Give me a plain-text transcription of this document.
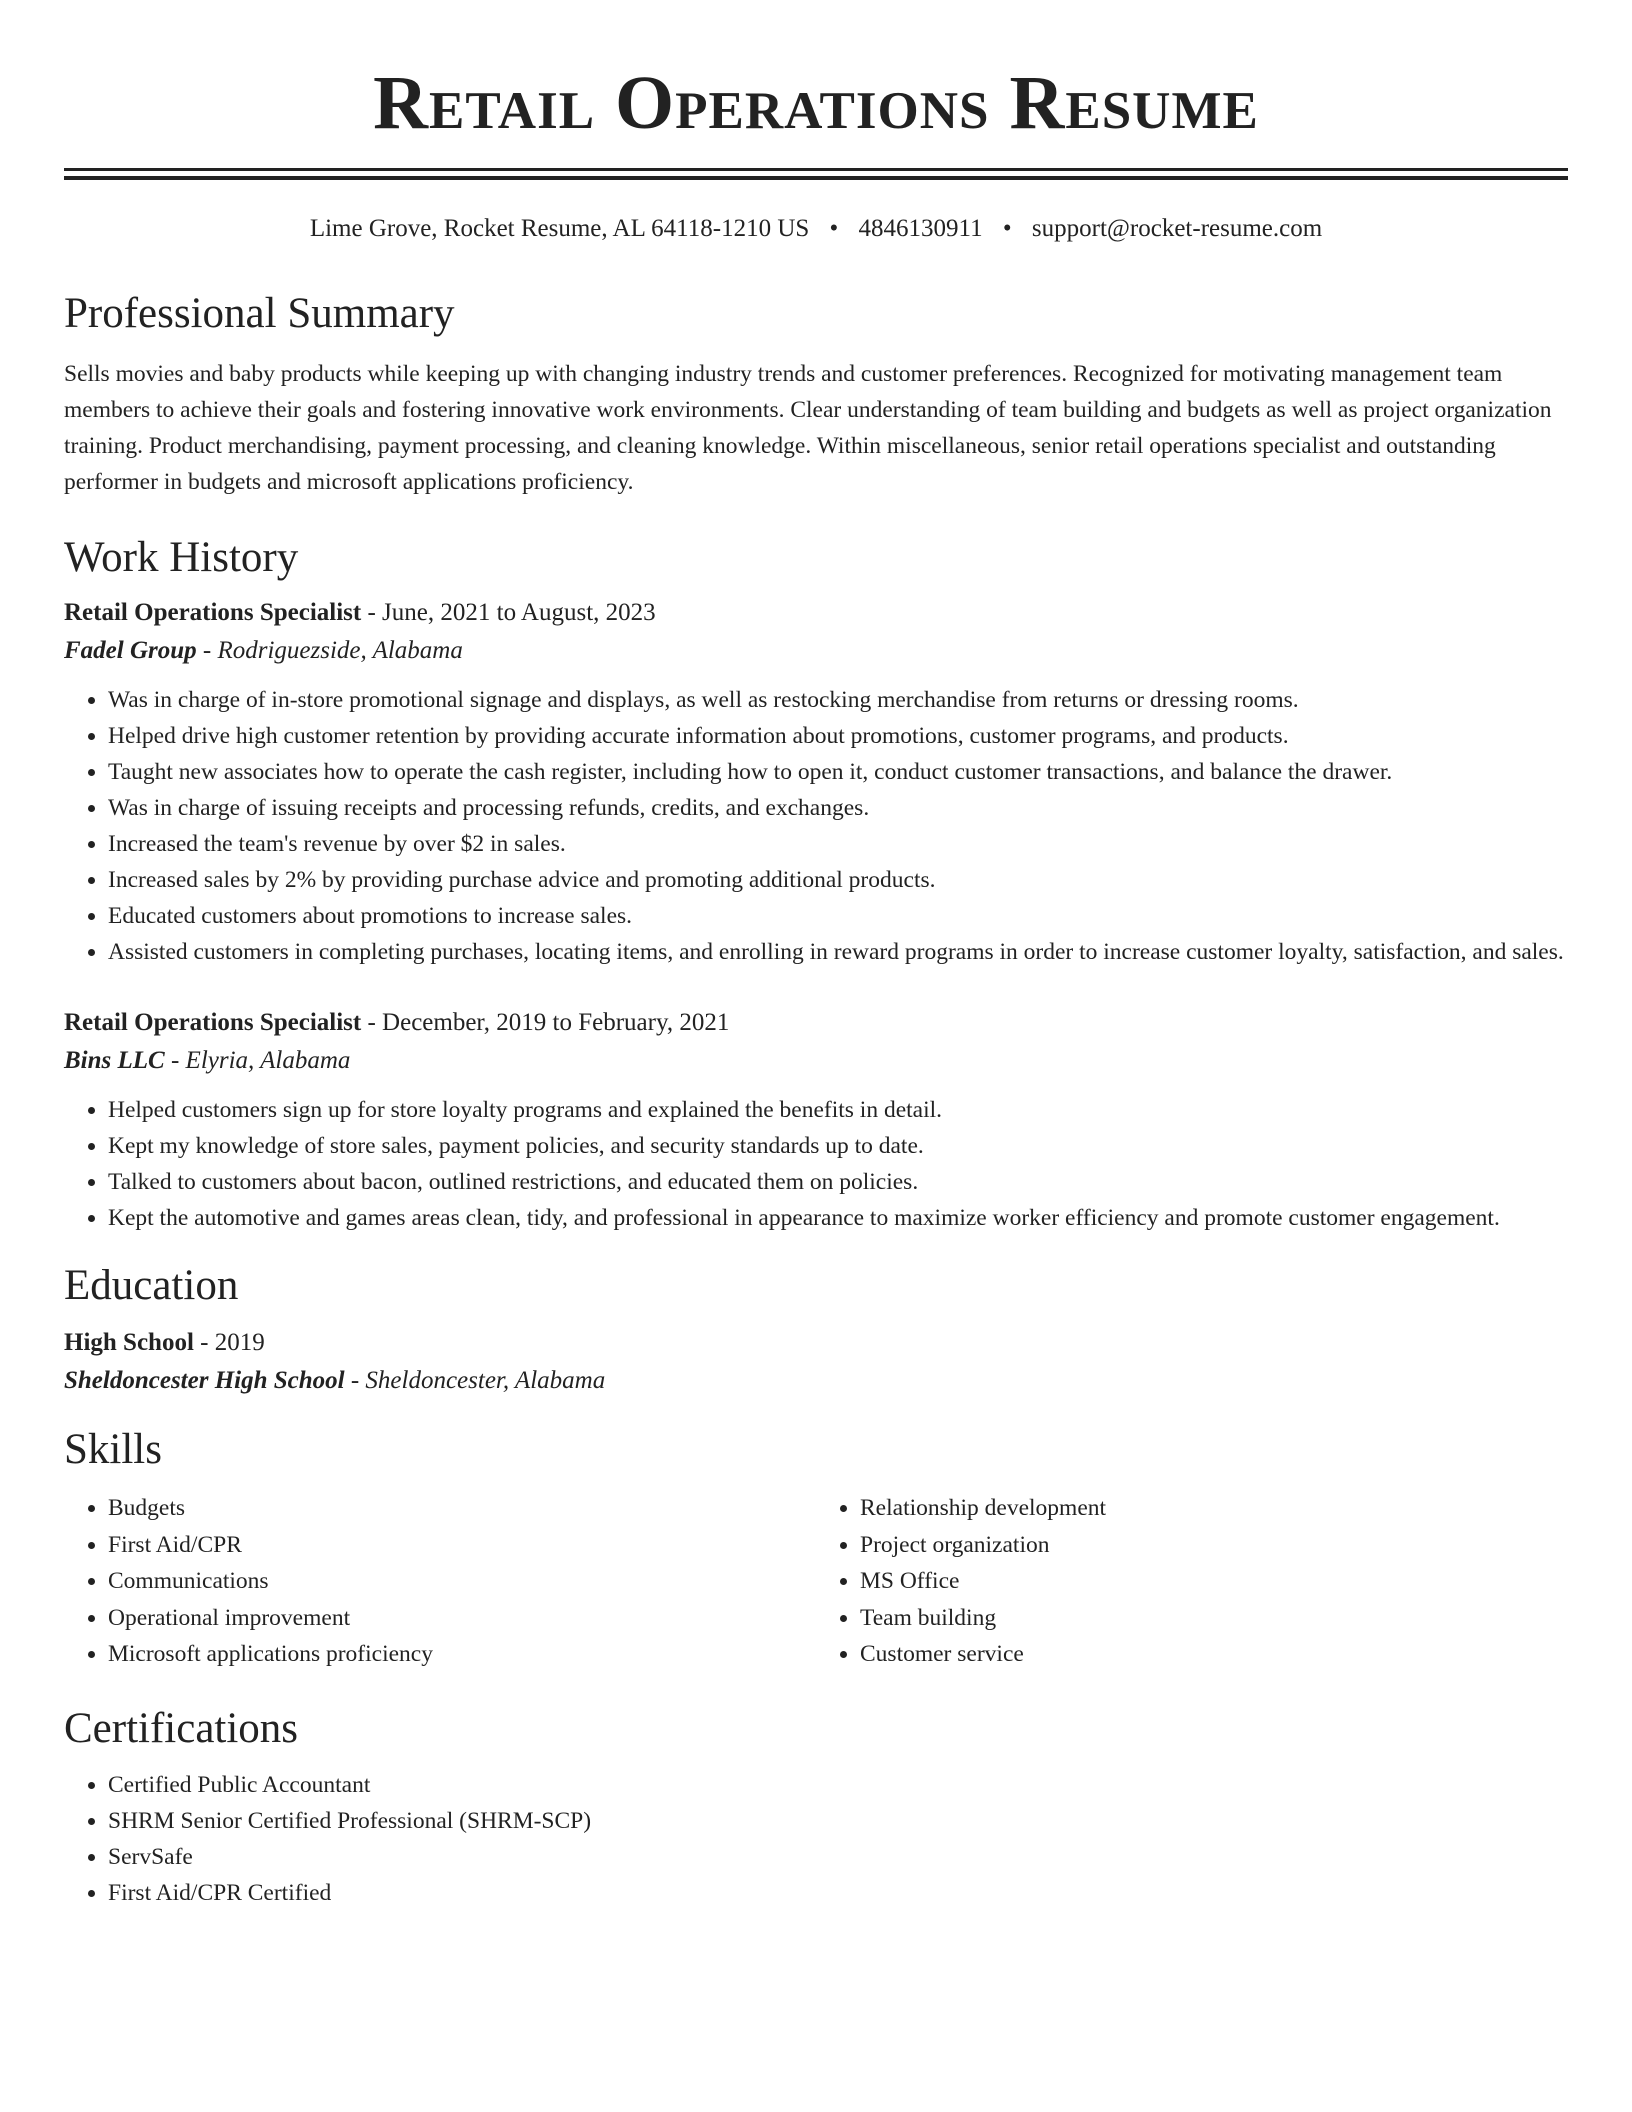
Retail Operations Resume
Lime Grove, Rocket Resume, AL 64118-1210 US • 4846130911 • support@rocket-resume.com
Professional Summary

Sells movies and baby products while keeping up with changing industry trends and customer preferences. Recognized for motivating management team members to achieve their goals and fostering innovative work environments. Clear understanding of team building and budgets as well as project organization training. Product merchandising, payment processing, and cleaning knowledge. Within miscellaneous, senior retail operations specialist and outstanding performer in budgets and microsoft applications proficiency.

Work History
Retail Operations Specialist - June, 2021 to August, 2023
Fadel Group - Rodriguezside, Alabama
• Was in charge of in-store promotional signage and displays, as well as restocking merchandise from returns or dressing rooms.
• Helped drive high customer retention by providing accurate information about promotions, customer programs, and products.
• Taught new associates how to operate the cash register, including how to open it, conduct customer transactions, and balance the drawer.
• Was in charge of issuing receipts and processing refunds, credits, and exchanges.
• Increased the team's revenue by over $2 in sales.
• Increased sales by 2% by providing purchase advice and promoting additional products.
• Educated customers about promotions to increase sales.
• Assisted customers in completing purchases, locating items, and enrolling in reward programs in order to increase customer loyalty, satisfaction, and sales.
Retail Operations Specialist - December, 2019 to February, 2021
Bins LLC - Elyria, Alabama
• Helped customers sign up for store loyalty programs and explained the benefits in detail.
• Kept my knowledge of store sales, payment policies, and security standards up to date.
• Talked to customers about bacon, outlined restrictions, and educated them on policies.
• Kept the automotive and games areas clean, tidy, and professional in appearance to maximize worker efficiency and promote customer engagement.
Education
High School - 2019
Sheldoncester High School - Sheldoncester, Alabama
Skills
• Budgets
• First Aid/CPR
• Communications
• Operational improvement
• Microsoft applications proficiency
• Relationship development
• Project organization
• MS Office
• Team building
• Customer service
Certifications
• Certified Public Accountant
• SHRM Senior Certified Professional (SHRM-SCP)
• ServSafe
• First Aid/CPR Certified
